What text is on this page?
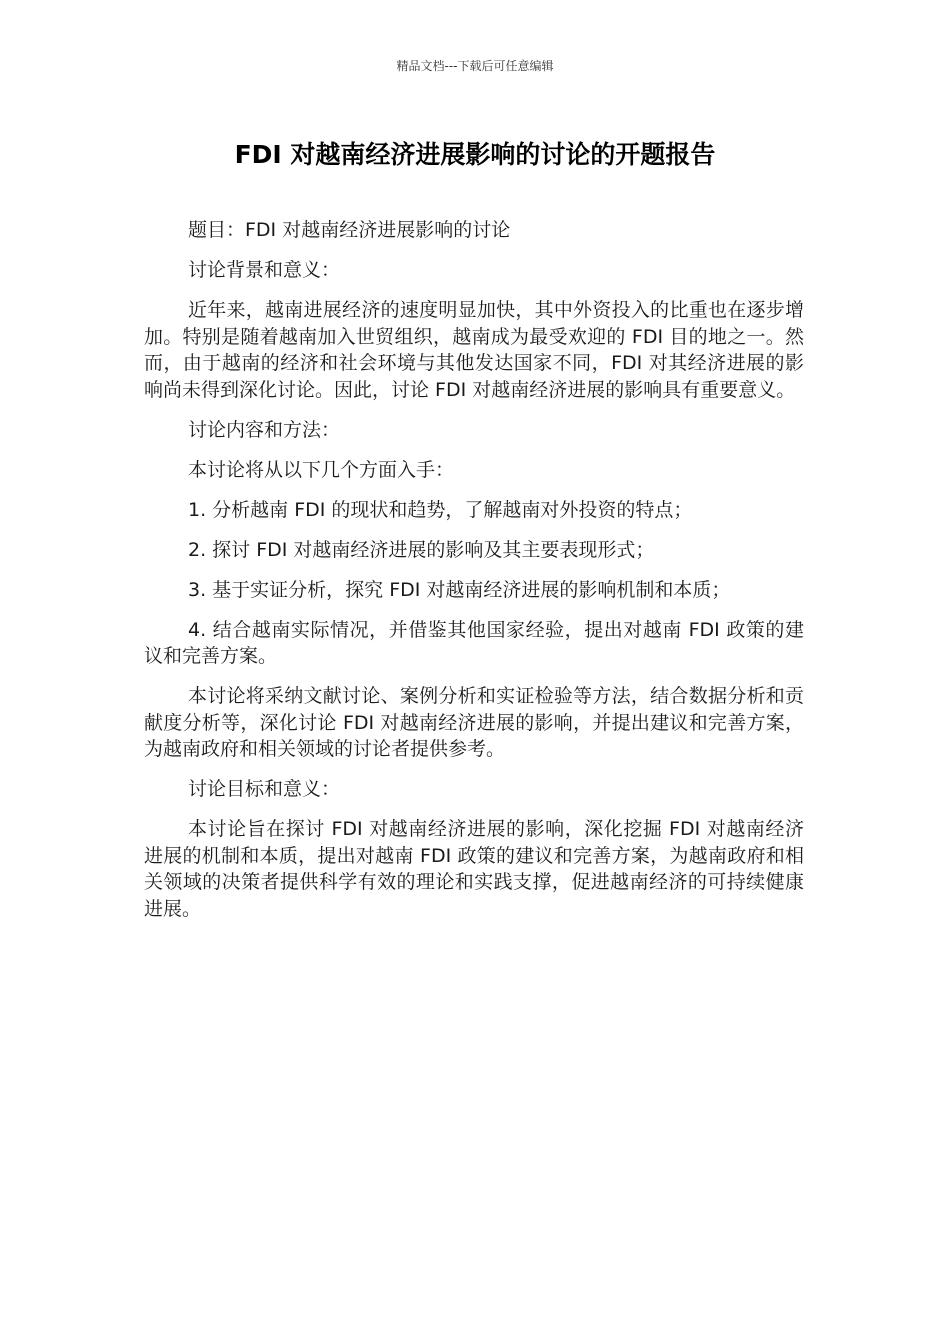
精品文档---下载后可任意编辑
FDI 对越南经济进展影响的讨论的开题报告

题目：FDI 对越南经济进展影响的讨论

讨论背景和意义：

近年来，越南进展经济的速度明显加快，其中外资投入的比重也在逐步增加。特别是随着越南加入世贸组织，越南成为最受欢迎的 FDI 目的地之一。然而，由于越南的经济和社会环境与其他发达国家不同，FDI 对其经济进展的影响尚未得到深化讨论。因此，讨论 FDI 对越南经济进展的影响具有重要意义。

讨论内容和方法：

本讨论将从以下几个方面入手：

1. 分析越南 FDI 的现状和趋势，了解越南对外投资的特点；

2. 探讨 FDI 对越南经济进展的影响及其主要表现形式；

3. 基于实证分析，探究 FDI 对越南经济进展的影响机制和本质；

4. 结合越南实际情况，并借鉴其他国家经验，提出对越南 FDI 政策的建议和完善方案。

本讨论将采纳文献讨论、案例分析和实证检验等方法，结合数据分析和贡献度分析等，深化讨论 FDI 对越南经济进展的影响，并提出建议和完善方案，为越南政府和相关领域的讨论者提供参考。

讨论目标和意义：

本讨论旨在探讨 FDI 对越南经济进展的影响，深化挖掘 FDI 对越南经济进展的机制和本质，提出对越南 FDI 政策的建议和完善方案，为越南政府和相关领域的决策者提供科学有效的理论和实践支撑，促进越南经济的可持续健康进展。
